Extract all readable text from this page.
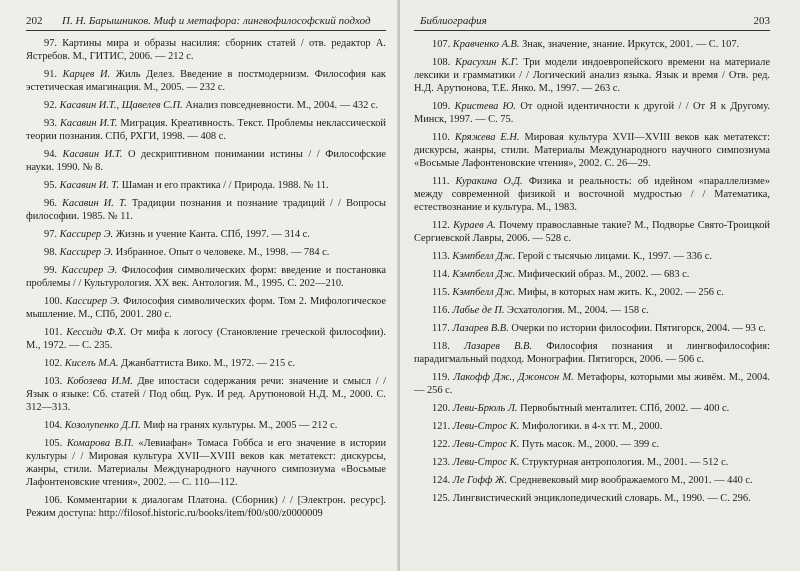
202 П. Н. Барышников. Миф и метафора: лингвофилософский подход
97. Картины мира и образы насилия: сборник статей / отв. редактор А. Ястребов. М., ГИТИС, 2006. — 212 с.
91. Карцев И. Жиль Делез. Введение в постмодернизм. Философия как эстетическая имагинация. М., 2005. — 232 с.
92. Касавин И.Т., Щавелев С.П. Анализ повседневности. М., 2004. — 432 с.
93. Касавин И.Т. Миграция. Креативность. Текст. Проблемы неклассической теории познания. СПб, РХГИ, 1998. — 408 с.
94. Касавин И.Т. О дескриптивном понимании истины / / Философские науки. 1990. № 8.
95. Касавин И. Т. Шаман и его практика / / Природа. 1988. № 11.
96. Касавин И. Т. Традиции познания и познание традиций / / Вопросы философии. 1985. № 11.
97. Кассирер Э. Жизнь и учение Канта. СПб, 1997. — 314 с.
98. Кассирер Э. Избранное. Опыт о человеке. М., 1998. — 784 с.
99. Кассирер Э. Философия символических форм: введение и постановка проблемы / / Культурология. XX век. Антология. М., 1995. С. 202—210.
100. Кассирер Э. Философия символических форм. Том 2. Мифологическое мышление. М., СПб, 2001. 280 с.
101. Кессиди Ф.Х. От мифа к логосу (Становление греческой философии). М., 1972. — С. 235.
102. Киселъ М.А. Джанбаттиста Вико. М., 1972. — 215 с.
103. Кобозева И.М. Две ипостаси содержания речи: значение и смысл / / Язык о языке: Сб. статей / Под общ. Рук. И ред. Арутюновой Н.Д. М., 2000. С. 312—313.
104. Козолупенко Д.П. Миф на гранях культуры. М., 2005 — 212 с.
105. Комарова В.П. «Левиафан» Томаса Гоббса и его значение в истории культуры / / Мировая культура XVII—XVIII веков как метатекст: дискурсы, жанры, стили. Материалы Международного научного симпозиума «Восьмые Лафонтеновские чтения», 2002. — С. 110—112.
106. Комментарии к диалогам Платона. (Сборник) / / [Электрон. ресурс]. Режим доступа: http://filosof.historic.ru/books/item/f00/s00/z0000009
Библиография	203
107. Кравченко А.В. Знак, значение, знание. Иркутск, 2001. — С. 107.
108. Красухин К.Г. Три модели индоевропейского времени на материале лексики и грамматики / / Логический анализ языка. Язык и время / Отв. ред. Н.Д. Арутюнова, Т.Е. Янко. М., 1997. — 263 с.
109. Кристева Ю. От одной идентичности к другой / / От Я к Другому. Минск, 1997. — С. 75.
110. Кряжева Е.Н. Мировая культура XVII—XVIII веков как метатекст: дискурсы, жанры, стили. Материалы Международного научного симпозиума «Восьмые Лафонтеновские чтения», 2002. С. 26—29.
111. Куракина О.Д. Физика и реальность: об идейном «параллелизме» между современной физикой и восточной мудростью / / Математика, естествознание и культура. М., 1983.
112. Кураев А. Почему православные такие? М., Подворье Свято-Троицкой Сергиевской Лавры, 2006. — 528 с.
113. Кэмпбелл Дж. Герой с тысячью лицами. К., 1997. — 336 с.
114. Кэмпбелл Дж. Мифический образ. М., 2002. — 683 с.
115. Кэмпбелл Дж. Мифы, в которых нам жить. К., 2002. — 256 с.
116. Лабье де П. Эсхатология. М., 2004. — 158 с.
117. Лазарев В.В. Очерки по истории философии. Пятигорск, 2004. — 93 с.
118. Лазарев В.В. Философия познания и лингвофилософия: парадигмальный подход. Монография. Пятигорск, 2006. — 506 с.
119. Лакофф Дж., Джонсон М. Метафоры, которыми мы живём. М., 2004. — 256 с.
120. Леви-Брюль Л. Первобытный менталитет. СПб, 2002. — 400 с.
121. Леви-Строс К. Мифологики. в 4-х тт. М., 2000.
122. Леви-Строс К. Путь масок. М., 2000. — 399 с.
123. Леви-Строс К. Структурная антропология. М., 2001. — 512 с.
124. Ле Гофф Ж. Средневековый мир воображаемого М., 2001. — 440 с.
125. Лингвистический энциклопедический словарь. М., 1990. — С. 296.
